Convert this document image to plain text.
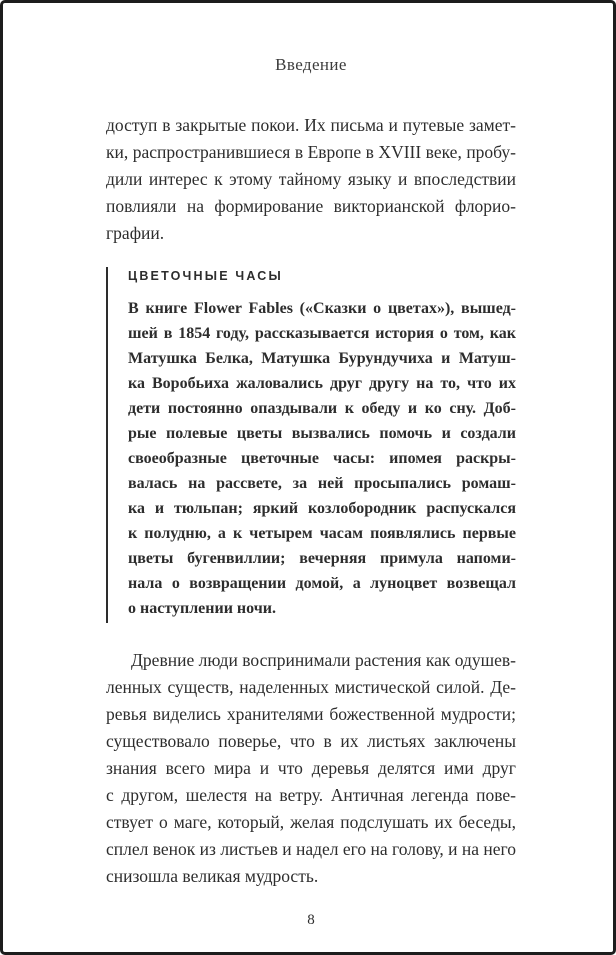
Введение
доступ в закрытые покои. Их письма и путевые замет-
ки, распространившиеся в Европе в XVIII веке, пробу-
дили интерес к этому тайному языку и впоследствии
повлияли на формирование викторианской флорио-
графии.
ЦВЕТОЧНЫЕ ЧАСЫ
В книге Flower Fables («Сказки о цветах»), вышед-
шей в 1854 году, рассказывается история о том, как
Матушка Белка, Матушка Бурундучиха и Матуш-
ка Воробьиха жаловались друг другу на то, что их
дети постоянно опаздывали к обеду и ко сну. Доб-
рые полевые цветы вызвались помочь и создали
своеобразные цветочные часы: ипомея раскры-
валась на рассвете, за ней просыпались ромаш-
ка и тюльпан; яркий козлобородник распускался
к полудню, а к четырем часам появлялись первые
цветы бугенвиллии; вечерняя примула напоми-
нала о возвращении домой, а луноцвет возвещал
о наступлении ночи.
Древние люди воспринимали растения как одушев-
ленных существ, наделенных мистической силой. Де-
ревья виделись хранителями божественной мудрости;
существовало поверье, что в их листьях заключены
знания всего мира и что деревья делятся ими друг
с другом, шелестя на ветру. Античная легенда пове-
ствует о маге, который, желая подслушать их беседы,
сплел венок из листьев и надел его на голову, и на него
снизошла великая мудрость.
8
